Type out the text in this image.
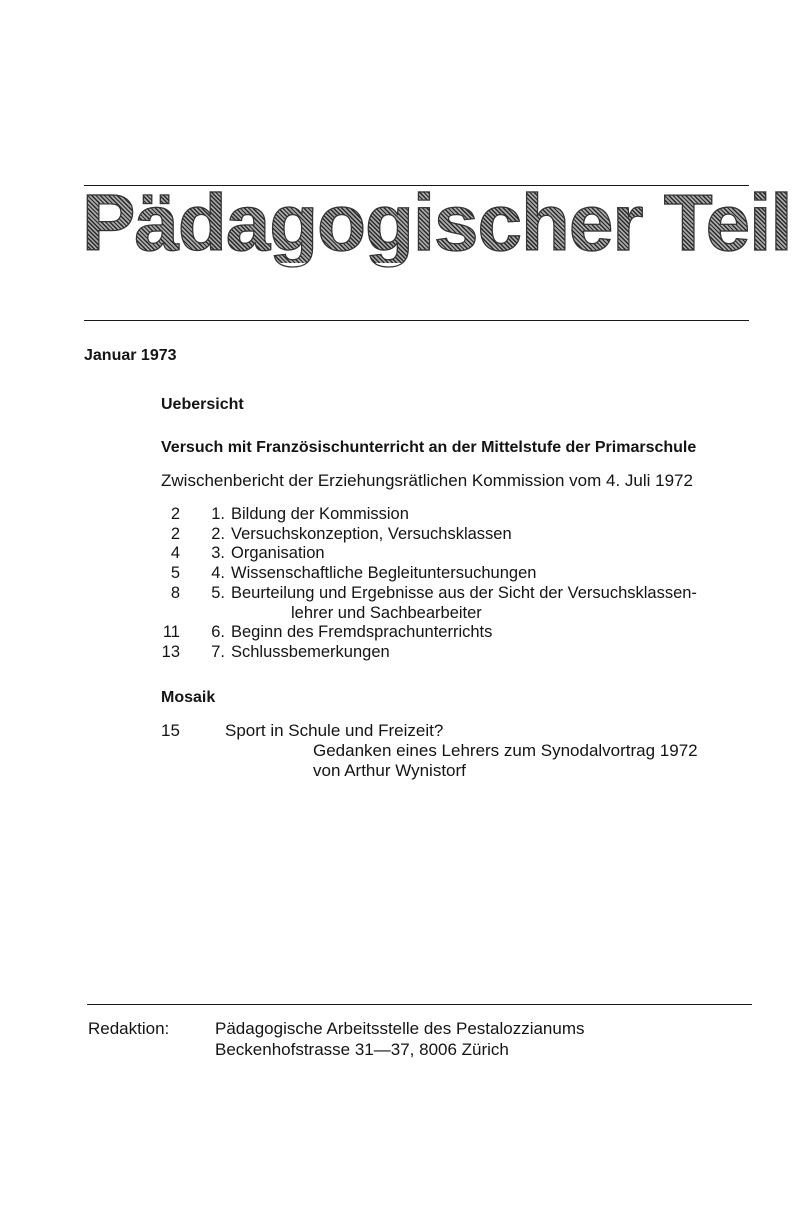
Pädagogischer Teil
Januar 1973
Uebersicht
Versuch mit Französischunterricht an der Mittelstufe der Primarschule
Zwischenbericht der Erziehungsrätlichen Kommission vom 4. Juli 1972
2	1. Bildung der Kommission
2	2. Versuchskonzeption, Versuchsklassen
4	3. Organisation
5	4. Wissenschaftliche Begleituntersuchungen
8	5. Beurteilung und Ergebnisse aus der Sicht der Versuchsklassen-
lehrer und Sachbearbeiter
11	6. Beginn des Fremdsprachunterrichts
13	7. Schlussbemerkungen
Mosaik
15	Sport in Schule und Freizeit?
Gedanken eines Lehrers zum Synodalvortrag 1972
von Arthur Wynistorf
Redaktion:	Pädagogische Arbeitsstelle des Pestalozzianums
Beckenhofstrasse 31—37, 8006 Zürich
